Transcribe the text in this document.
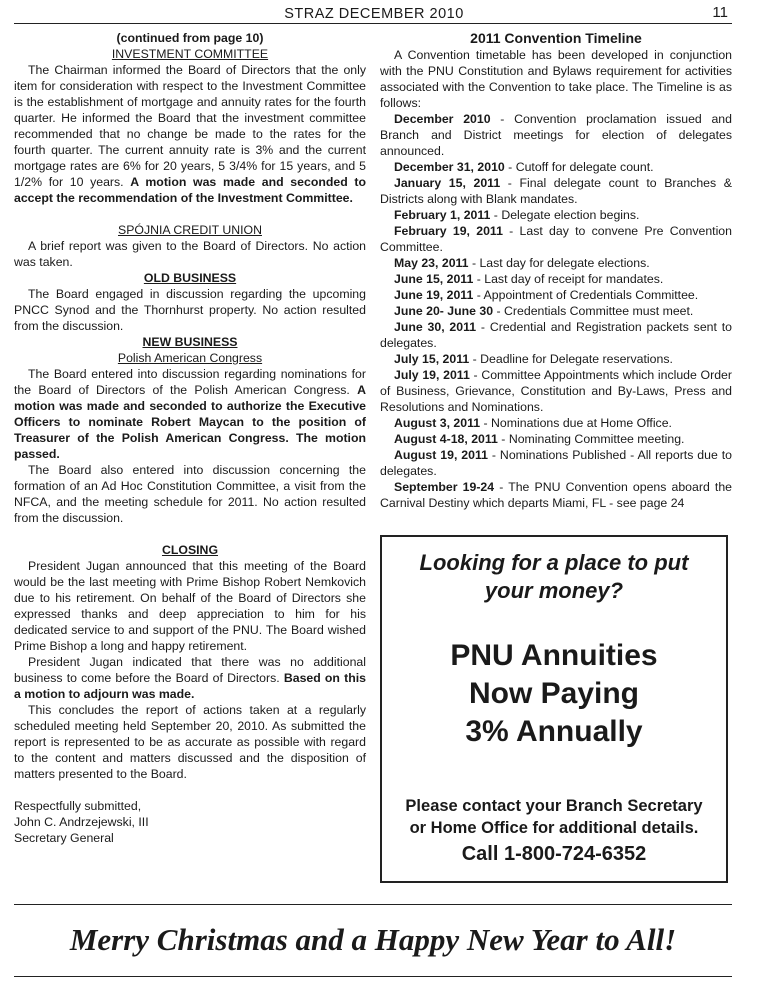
STRAZ DECEMBER 2010	11
(continued from page 10)
INVESTMENT COMMITTEE

The Chairman informed the Board of Directors that the only item for consideration with respect to the Investment Committee is the establishment of mortgage and annuity rates for the fourth quarter. He informed the Board that the investment committee recommended that no change be made to the rates for the fourth quarter. The current annuity rate is 3% and the current mortgage rates are 6% for 20 years, 5 3/4% for 15 years, and 5 1/2% for 10 years. A motion was made and seconded to accept the recommendation of the Investment Committee.

SPÓJNIA CREDIT UNION

A brief report was given to the Board of Directors. No action was taken.

OLD BUSINESS

The Board engaged in discussion regarding the upcoming PNCC Synod and the Thornhurst property. No action resulted from the discussion.

NEW BUSINESS
Polish American Congress

The Board entered into discussion regarding nominations for the Board of Directors of the Polish American Congress. A motion was made and seconded to authorize the Executive Officers to nominate Robert Maycan to the position of Treasurer of the Polish American Congress. The motion passed.

The Board also entered into discussion concerning the formation of an Ad Hoc Constitution Committee, a visit from the NFCA, and the meeting schedule for 2011. No action resulted from the discussion.

CLOSING

President Jugan announced that this meeting of the Board would be the last meeting with Prime Bishop Robert Nemkovich due to his retirement. On behalf of the Board of Directors she expressed thanks and deep appreciation to him for his dedicated service to and support of the PNU. The Board wished Prime Bishop a long and happy retirement.

President Jugan indicated that there was no additional business to come before the Board of Directors. Based on this a motion to adjourn was made.

This concludes the report of actions taken at a regularly scheduled meeting held September 20, 2010. As submitted the report is represented to be as accurate as possible with regard to the content and matters discussed and the disposition of matters presented to the Board.

Respectfully submitted,
John C. Andrzejewski, III
Secretary General
2011 Convention Timeline

A Convention timetable has been developed in conjunction with the PNU Constitution and Bylaws requirement for activities associated with the Convention to take place. The Timeline is as follows:

December 2010 - Convention proclamation issued and Branch and District meetings for election of delegates announced.

December 31, 2010 - Cutoff for delegate count.

January 15, 2011 - Final delegate count to Branches & Districts along with Blank mandates.

February 1, 2011 - Delegate election begins.

February 19, 2011 - Last day to convene Pre Convention Committee.

May 23, 2011 - Last day for delegate elections.

June 15, 2011 - Last day of receipt for mandates.

June 19, 2011 - Appointment of Credentials Committee.

June 20- June 30 - Credentials Committee must meet.

June 30, 2011 - Credential and Registration packets sent to delegates.

July 15, 2011 - Deadline for Delegate reservations.

July 19, 2011 - Committee Appointments which include Order of Business, Grievance, Constitution and By-Laws, Press and Resolutions and Nominations.

August 3, 2011 - Nominations due at Home Office.

August 4-18, 2011 - Nominating Committee meeting.

August 19, 2011 - Nominations Published - All reports due to delegates.

September 19-24 - The PNU Convention opens aboard the Carnival Destiny which departs Miami, FL - see page 24

Looking for a place to put
your money?
PNU Annuities
Now Paying
3% Annually
Please contact your Branch Secretary
or Home Office for additional details.
Call 1-800-724-6352
Merry Christmas and a Happy New Year to All!
